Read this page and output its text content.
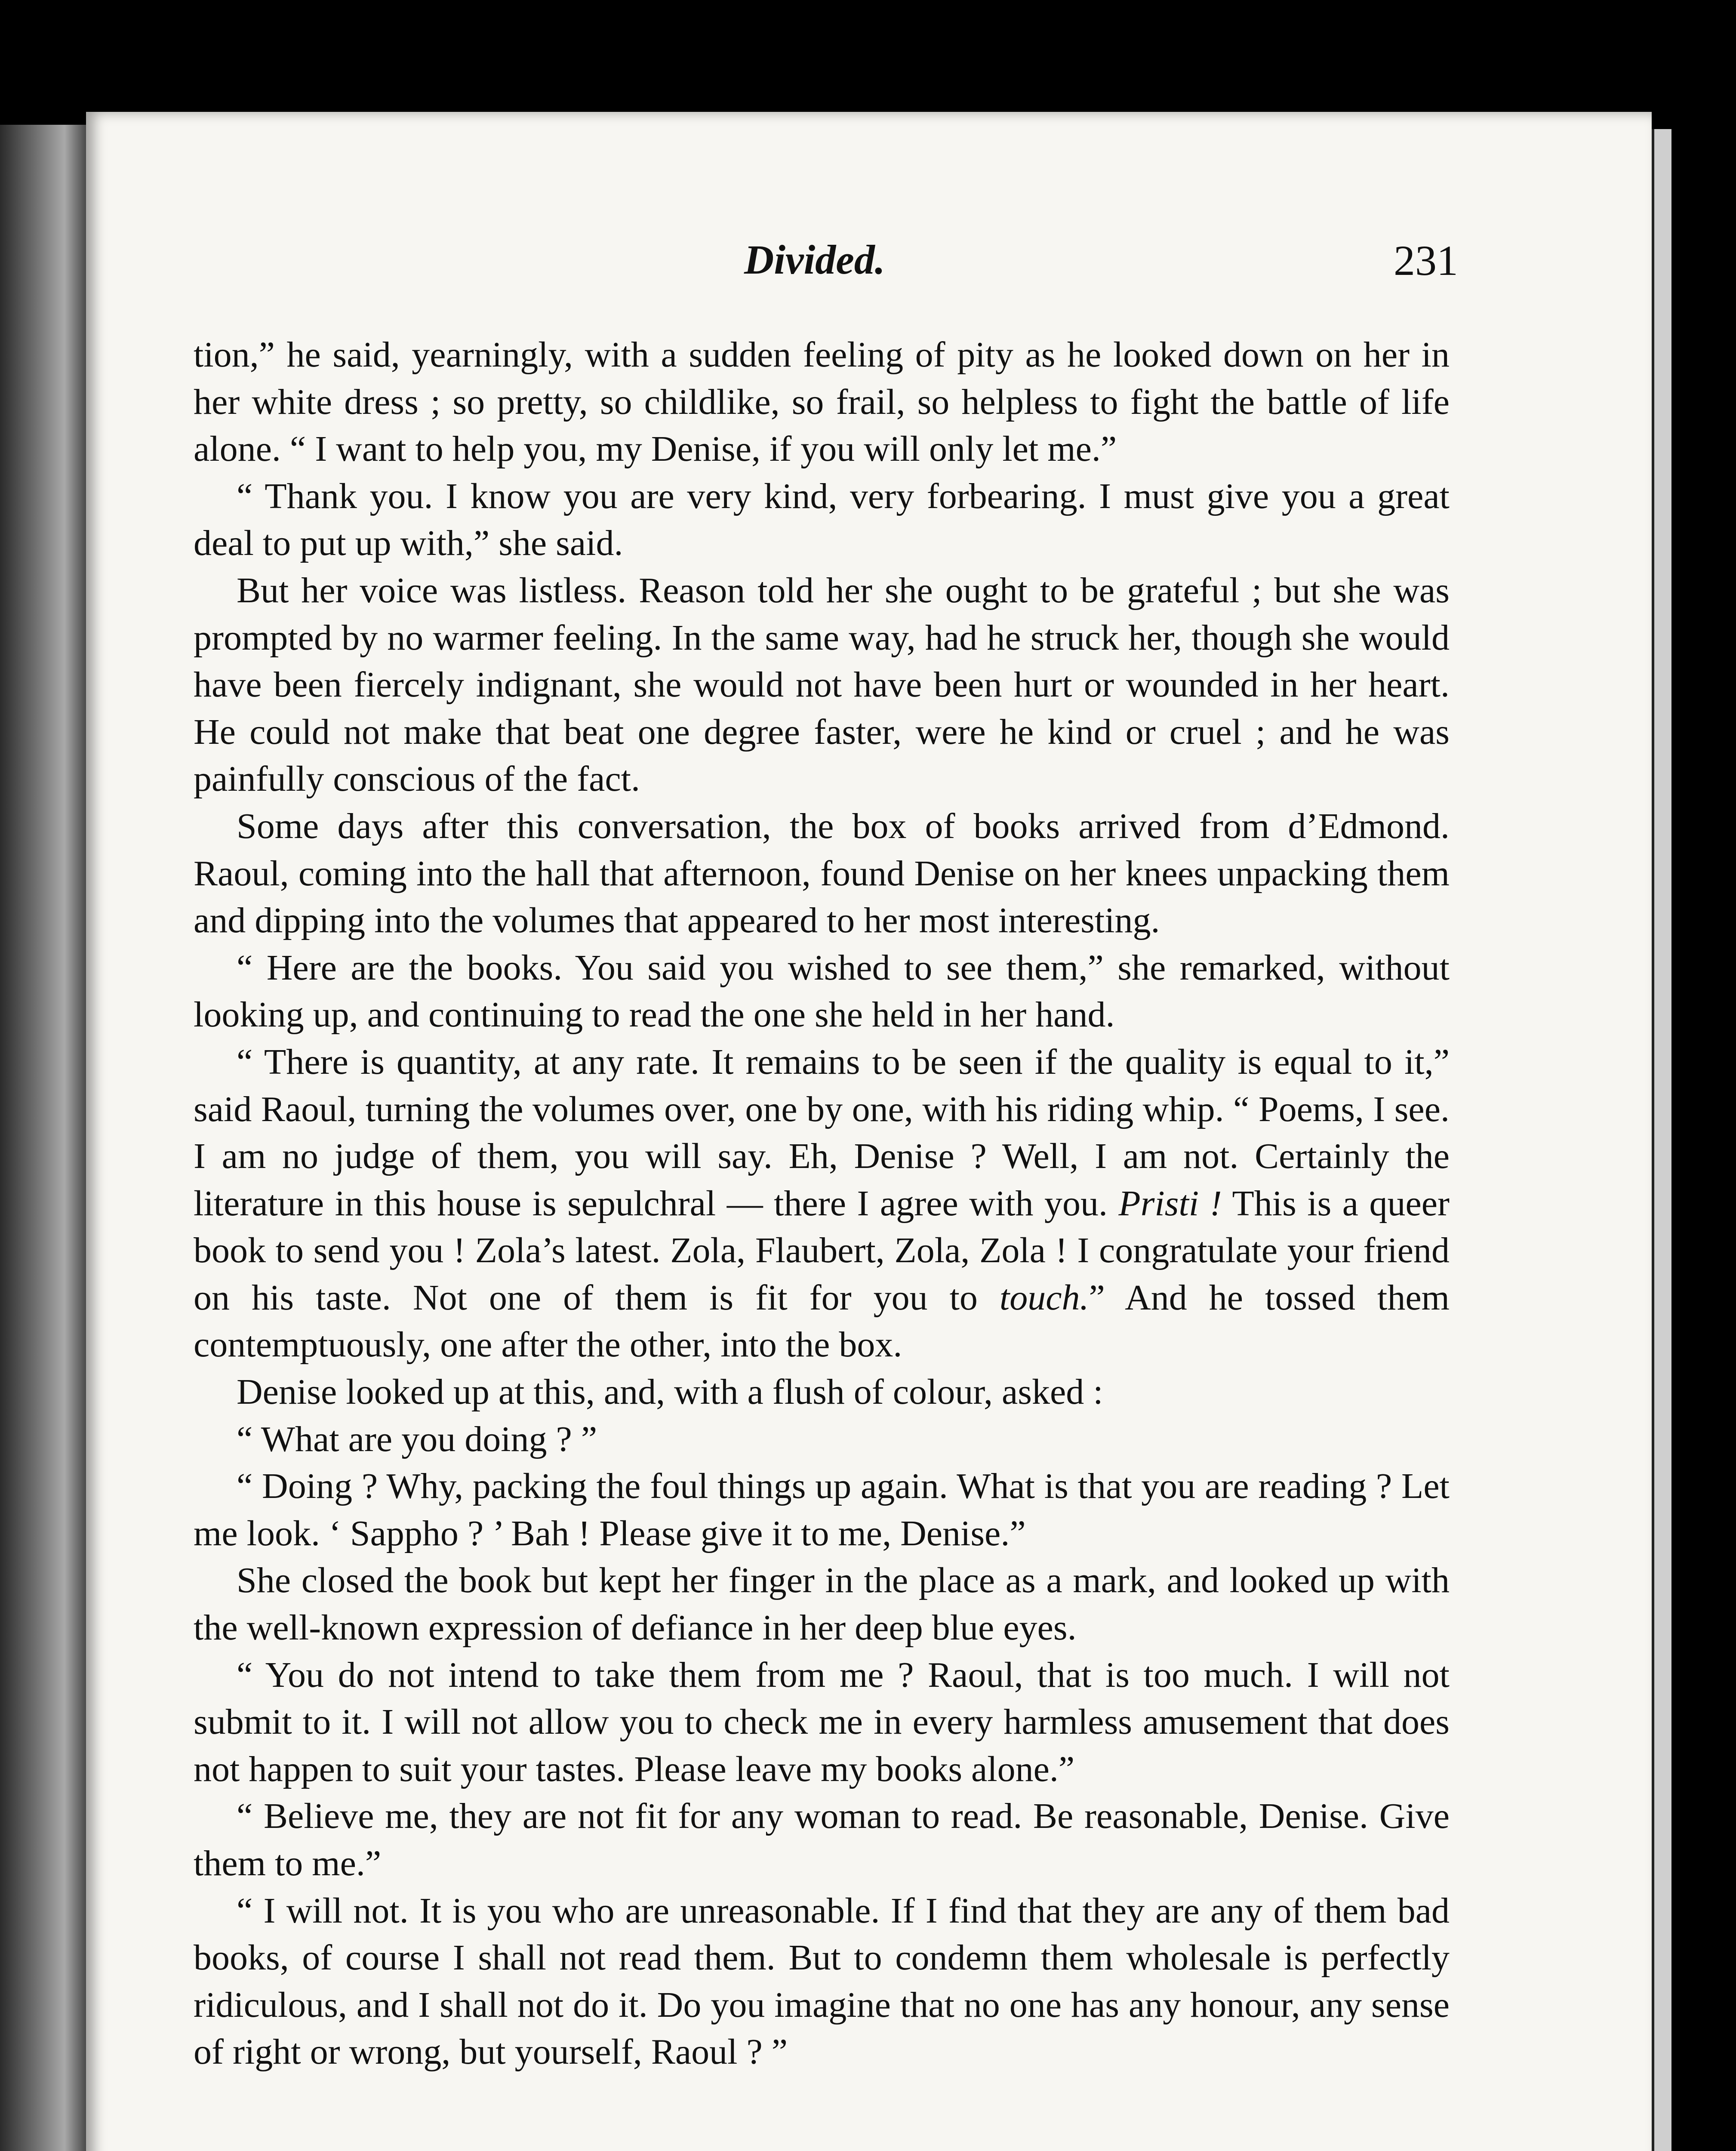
Divided.	231

tion,” he said, yearningly, with a sudden feeling of pity as he looked down on her in her white dress ; so pretty, so childlike, so frail, so helpless to fight the battle of life alone. “ I want to help you, my Denise, if you will only let me.”

“ Thank you. I know you are very kind, very forbearing. I must give you a great deal to put up with,” she said.

But her voice was listless. Reason told her she ought to be grateful ; but she was prompted by no warmer feeling. In the same way, had he struck her, though she would have been fiercely indignant, she would not have been hurt or wounded in her heart. He could not make that beat one degree faster, were he kind or cruel ; and he was painfully conscious of the fact.

Some days after this conversation, the box of books arrived from d’Edmond. Raoul, coming into the hall that afternoon, found Denise on her knees unpacking them and dipping into the volumes that appeared to her most interesting.

“ Here are the books. You said you wished to see them,” she remarked, without looking up, and continuing to read the one she held in her hand.

“ There is quantity, at any rate. It remains to be seen if the quality is equal to it,” said Raoul, turning the volumes over, one by one, with his riding whip. “ Poems, I see. I am no judge of them, you will say. Eh, Denise ? Well, I am not. Certainly the literature in this house is sepulchral — there I agree with you. Pristi ! This is a queer book to send you ! Zola’s latest. Zola, Flaubert, Zola, Zola ! I congratulate your friend on his taste. Not one of them is fit for you to touch.” And he tossed them contemptuously, one after the other, into the box.

Denise looked up at this, and, with a flush of colour, asked :

“ What are you doing ? ”

“ Doing ? Why, packing the foul things up again. What is that you are reading ? Let me look. ‘ Sappho ? ’ Bah ! Please give it to me, Denise.”

She closed the book but kept her finger in the place as a mark, and looked up with the well-known expression of defiance in her deep blue eyes.

“ You do not intend to take them from me ? Raoul, that is too much. I will not submit to it. I will not allow you to check me in every harmless amusement that does not happen to suit your tastes. Please leave my books alone.”

“ Believe me, they are not fit for any woman to read. Be reasonable, Denise. Give them to me.”

“ I will not. It is you who are unreasonable. If I find that they are any of them bad books, of course I shall not read them. But to condemn them wholesale is perfectly ridiculous, and I shall not do it. Do you imagine that no one has any honour, any sense of right or wrong, but yourself, Raoul ? ”
